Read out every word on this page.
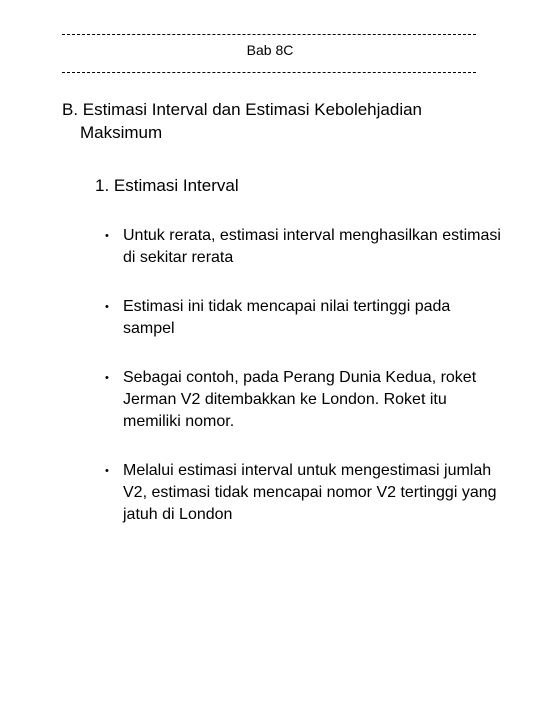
Bab 8C
B. Estimasi Interval dan Estimasi Kebolehjadian Maksimum
1. Estimasi Interval
• Untuk rerata, estimasi interval menghasilkan estimasi di sekitar rerata
• Estimasi ini tidak mencapai nilai tertinggi pada sampel
• Sebagai contoh, pada Perang Dunia Kedua, roket Jerman V2 ditembakkan ke London. Roket itu memiliki nomor.
• Melalui estimasi interval untuk mengestimasi jumlah V2, estimasi tidak mencapai nomor V2 tertinggi yang jatuh di London
